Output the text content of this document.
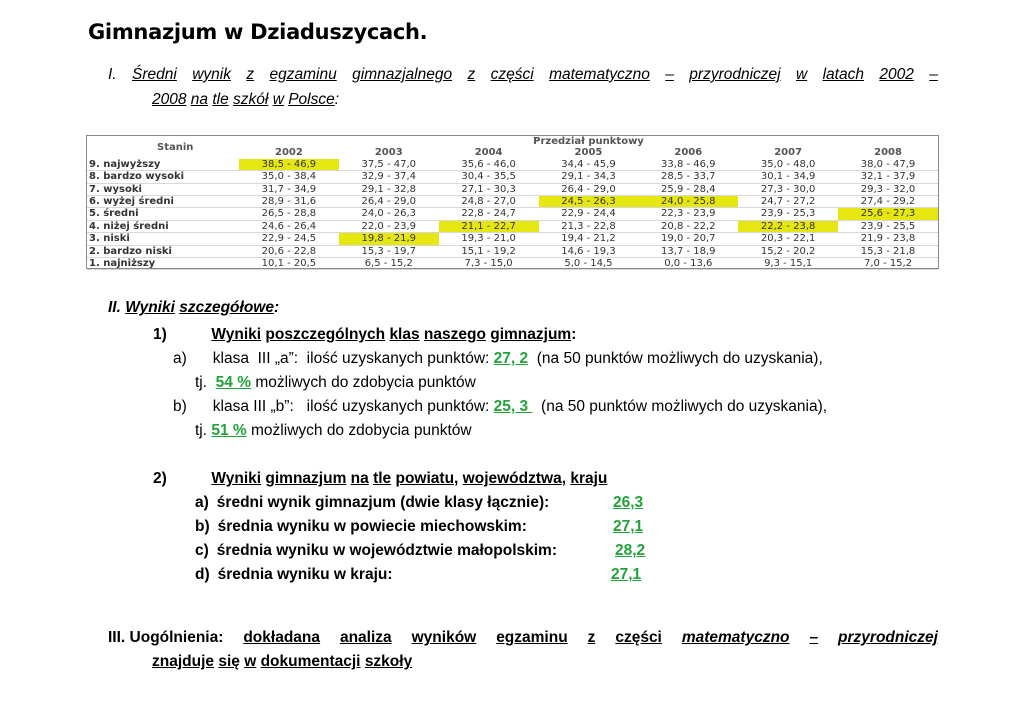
Gimnazjum w Dziaduszycach.
I. Średni wynik z egzaminu gimnazjalnego z części matematyczno – przyrodniczej w latach 2002 –
2008 na tle szkół w Polsce:
Stanin	Przedział punktowy						
	2002	2003	2004	2005	2006	2007	2008
9. najwyższy	38,5 - 46,9	37,5 - 47,0	35,6 - 46,0	34,4 - 45,9	33,8 - 46,9	35,0 - 48,0	38,0 - 47,9
8. bardzo wysoki	35,0 - 38,4	32,9 - 37,4	30,4 - 35,5	29,1 - 34,3	28,5 - 33,7	30,1 - 34,9	32,1 - 37,9
7. wysoki	31,7 - 34,9	29,1 - 32,8	27,1 - 30,3	26,4 - 29,0	25,9 - 28,4	27,3 - 30,0	29,3 - 32,0
6. wyżej średni	28,9 - 31,6	26,4 - 29,0	24,8 - 27,0	24,5 - 26,3	24,0 - 25,8	24,7 - 27,2	27,4 - 29,2
5. średni	26,5 - 28,8	24,0 - 26,3	22,8 - 24,7	22,9 - 24,4	22,3 - 23,9	23,9 - 25,3	25,6 - 27,3
4. niżej średni	24,6 - 26,4	22,0 - 23,9	21,1 - 22,7	21,3 - 22,8	20,8 - 22,2	22,2 - 23,8	23,9 - 25,5
3. niski	22,9 - 24,5	19,8 - 21,9	19,3 - 21,0	19,4 - 21,2	19,0 - 20,7	20,3 - 22,1	21,9 - 23,8
2. bardzo niski	20,6 - 22,8	15,3 - 19,7	15,1 - 19,2	14,6 - 19,3	13,7 - 18,9	15,2 - 20,2	15,3 - 21,8
1. najniższy	10,1 - 20,5	6,5 - 15,2	7,3 - 15,0	5,0 - 14,5	0,0 - 13,6	9,3 - 15,1	7,0 - 15,2
II. Wyniki szczegółowe:
1)	Wyniki poszczególnych klas naszego gimnazjum:
a) klasa  III „a”:  ilość uzyskanych punktów: 27, 2  (na 50 punktów możliwych do uzyskania),
tj.  54 % możliwych do zdobycia punktów
b) klasa III „b”:   ilość uzyskanych punktów: 25, 3   (na 50 punktów możliwych do uzyskania),
tj. 51 % możliwych do zdobycia punktów
2)	Wyniki gimnazjum na tle powiatu, województwa, kraju
a) średni wynik gimnazjum (dwie klasy łącznie):	26,3
b) średnia wyniku w powiecie miechowskim:	27,1
c) średnia wyniku w województwie małopolskim:	28,2
d) średnia wyniku w kraju:	27,1
III. Uogólnienia: dokładana analiza wyników egzaminu z części matematyczno – przyrodniczej
znajduje się w dokumentacji szkoły
